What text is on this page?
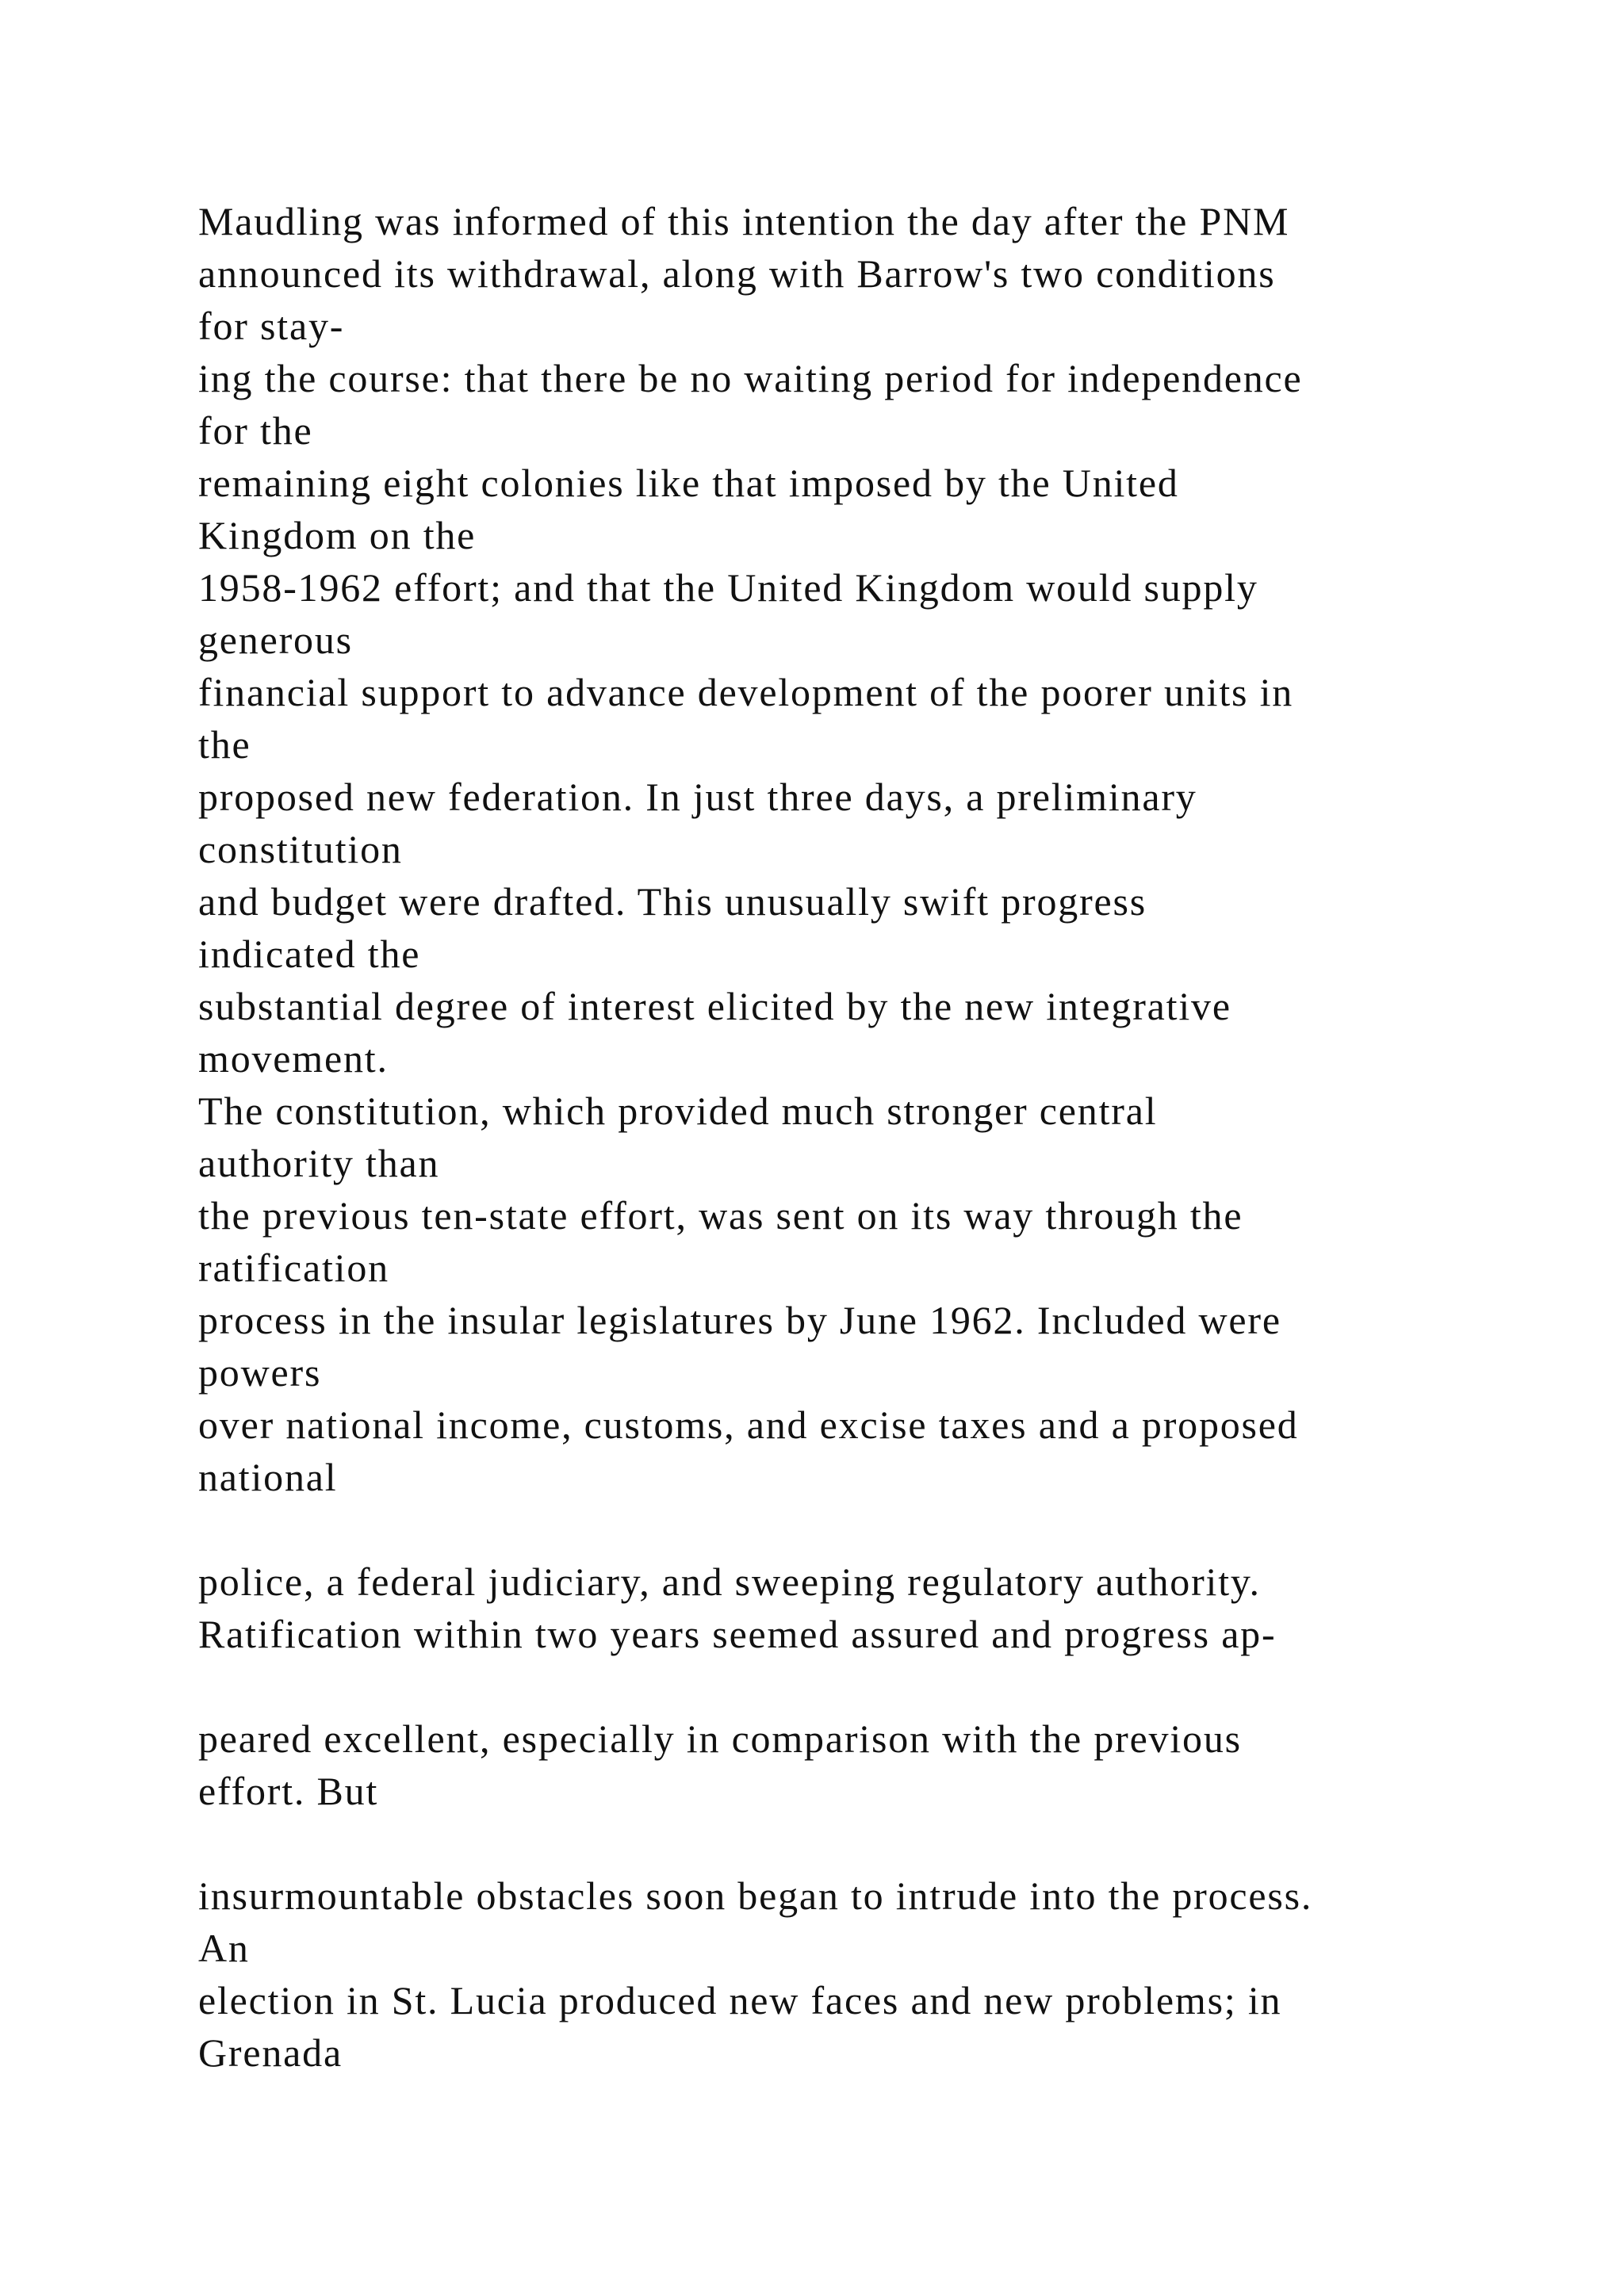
Maudling was informed of this intention the day after the PNM
announced its withdrawal, along with Barrow's two conditions
for stay-
ing the course: that there be no waiting period for independence
for the
remaining eight colonies like that imposed by the United
Kingdom on the
1958-1962 effort; and that the United Kingdom would supply
generous
financial support to advance development of the poorer units in
the
proposed new federation. In just three days, a preliminary
constitution
and budget were drafted. This unusually swift progress
indicated the
substantial degree of interest elicited by the new integrative
movement.
The constitution, which provided much stronger central
authority than
the previous ten-state effort, was sent on its way through the
ratification
process in the insular legislatures by June 1962. Included were
powers
over national income, customs, and excise taxes and a proposed
national
police, a federal judiciary, and sweeping regulatory authority.
Ratification within two years seemed assured and progress ap-
peared excellent, especially in comparison with the previous
effort. But
insurmountable obstacles soon began to intrude into the process.
An
election in St. Lucia produced new faces and new problems; in
Grenada
